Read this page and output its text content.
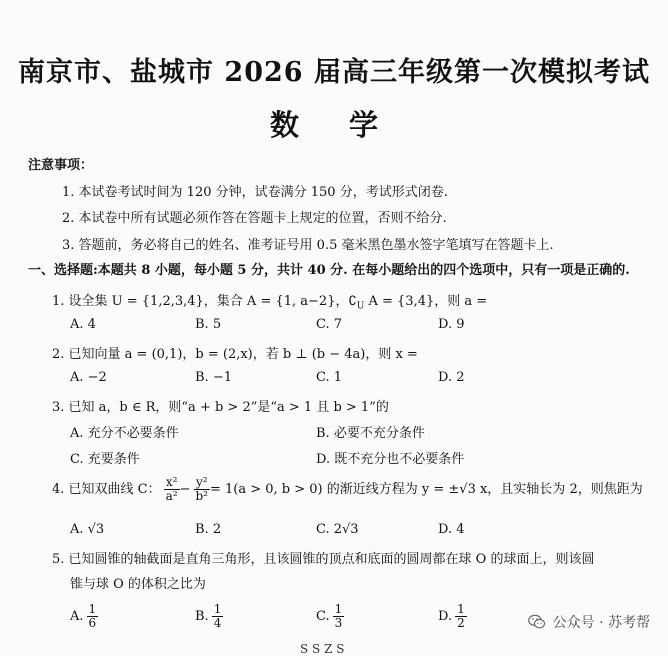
南京市、盐城市 2026 届高三年级第一次模拟考试
数 学
注意事项：
1. 本试卷考试时间为 120 分钟，试卷满分 150 分，考试形式闭卷.
2. 本试卷中所有试题必须作答在答题卡上规定的位置，否则不给分.
3. 答题前，务必将自己的姓名、准考证号用 0.5 毫米黑色墨水签字笔填写在答题卡上.
一、选择题:本题共 8 小题，每小题 5 分，共计 40 分. 在每小题给出的四个选项中，只有一项是正确的.
1. 设全集 U = {1,2,3,4}，集合 A = {1, a−2}，$∁_U$ A = {3,4}，则 a =
A. 4	B. 5	C. 7	D. 9
2. 已知向量 a = (0,1)，b = (2,x)，若 b ⊥ (b − 4a)，则 x =
A. −2	B. −1	C. 1	D. 2
3. 已知 a，b ∈ R，则“a + b > 2”是“a > 1 且 b > 1”的
A. 充分不必要条件	B. 必要不充分条件
C. 充要条件	D. 既不充分也不必要条件
4. 已知双曲线 C： $\frac{\text{x²}}{\text{a²}} - \frac{\text{y²}}{\text{b²}} = 1(a > 0$, b > 0) 的渐近线方程为 y = ±√3 x，且实轴长为 2，则焦距为
A. √3	B. 2	C. 2√3	D. 4
5. 已知圆锥的轴截面是直角三角形，且该圆锥的顶点和底面的圆周都在球 O 的球面上，则该圆
锥与球 O 的体积之比为
A. $\frac{1}{6}$	B. $\frac{1}{4}$	C. $\frac{1}{3}$	D. $\frac{1}{2}$	公众号 · 苏考帮
S S Z S
